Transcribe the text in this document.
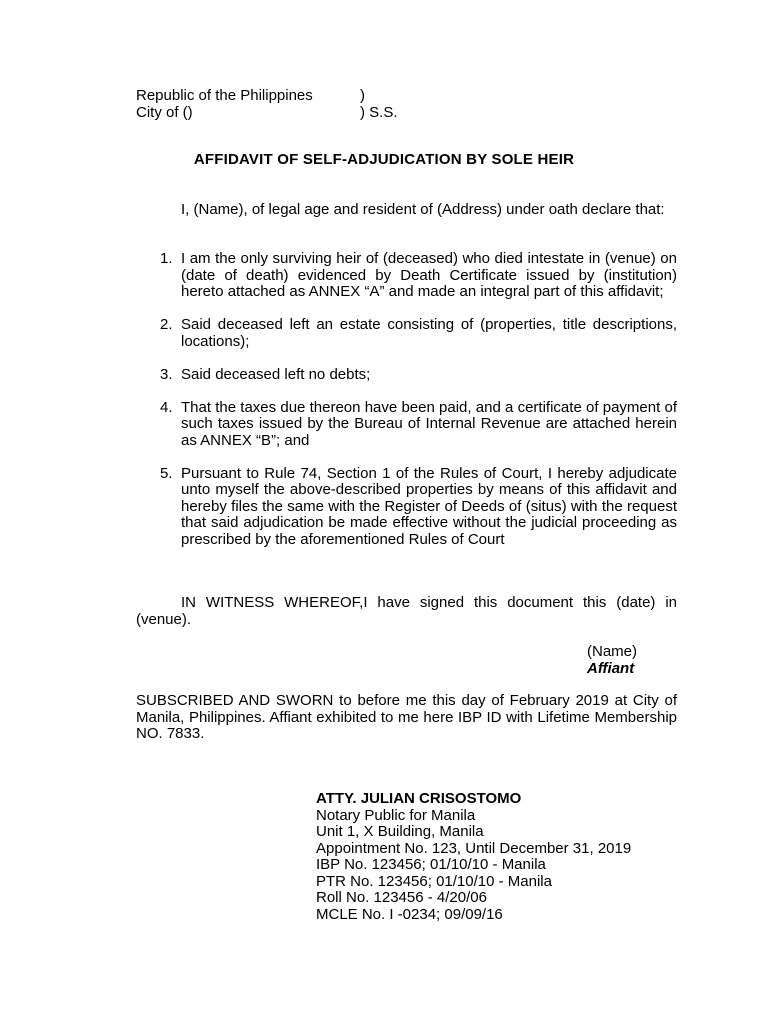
Republic of the Philippines	)
City of ()	) S.S.
AFFIDAVIT OF SELF-ADJUDICATION BY SOLE HEIR
I, (Name), of legal age and resident of (Address) under oath declare that:
1. I am the only surviving heir of (deceased) who died intestate in (venue) on (date of death) evidenced by Death Certificate issued by (institution) hereto attached as ANNEX “A” and made an integral part of this affidavit;
2. Said deceased left an estate consisting of (properties, title descriptions, locations);
3. Said deceased left no debts;
4. That the taxes due thereon have been paid, and a certificate of payment of such taxes issued by the Bureau of Internal Revenue are attached herein as ANNEX “B”; and
5. Pursuant to Rule 74, Section 1 of the Rules of Court, I hereby adjudicate unto myself the above-described properties by means of this affidavit and hereby files the same with the Register of Deeds of (situs) with the request that said adjudication be made effective without the judicial proceeding as prescribed by the aforementioned Rules of Court
IN WITNESS WHEREOF,I have signed this document this (date) in (venue).
(Name)
Affiant
SUBSCRIBED AND SWORN to before me this day of February 2019 at City of Manila, Philippines. Affiant exhibited to me here IBP ID with Lifetime Membership NO. 7833.
ATTY. JULIAN CRISOSTOMO
Notary Public for Manila
Unit 1, X Building, Manila
Appointment No. 123, Until December 31, 2019
IBP No. 123456; 01/10/10 - Manila
PTR No. 123456; 01/10/10 - Manila
Roll No. 123456 - 4/20/06
MCLE No. I -0234; 09/09/16
